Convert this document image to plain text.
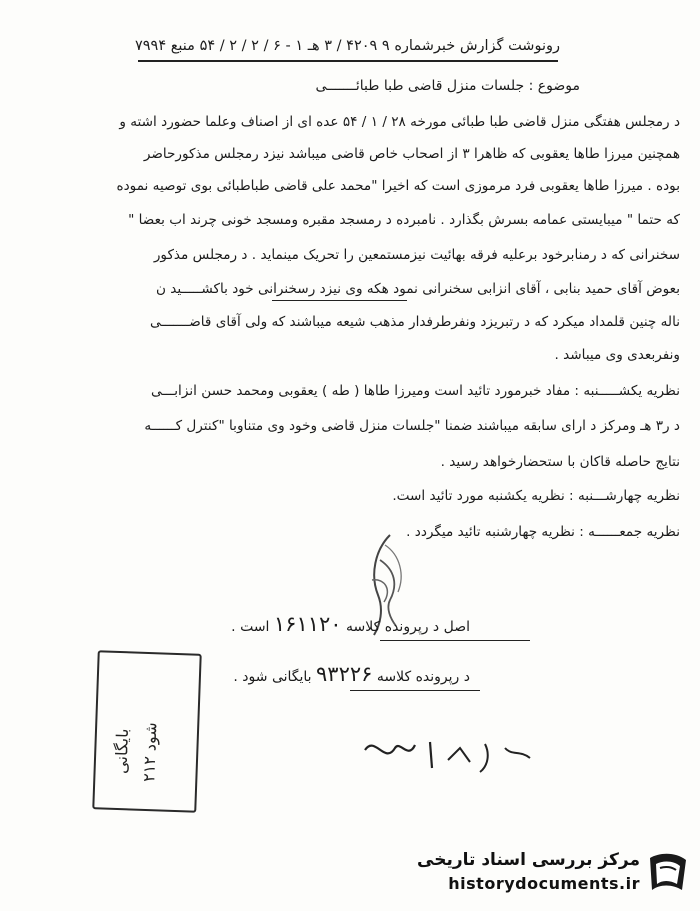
رونوشت گزارش خبرشماره ۹ ۴۲۰۹ / ۳ هـ ۱ - ۶ / ۲ / ۲ / ۵۴ منبع ۷۹۹۴
موضوع : جلسات منزل قاضی طبا طبائـــــــی
د رمجلس هفتگی منزل قاضی طبا طبائی مورخه ۲۸ / ۱ / ۵۴ عده ای از اصناف وعلما حضورد اشته و
همچنین میرزا طاها یعقوبی که ظاهرا ۳ از اصحاب خاص قاضی میباشد نیزد رمجلس مذکورحاضر
بوده . میرزا طاها یعقوبی فرد مرموزی است که اخیرا "محمد علی قاضی طباطبائی بوی توصیه نموده
که حتما " میبایستی عمامه بسرش بگذارد . نامبرده د رمسجد مقبره ومسجد خونی چرند اب بعضا "
سخنرانی که د رمنابرخود برعلیه فرقه بهائیت نیزمستمعین را تحریک مینماید . د رمجلس مذکور
بعوض آقای حمید بنابی ، آقای انزابی سخنرانی نمود هکه وی نیزد رسخنرانی خود باکشـــــید ن
ناله چنین قلمداد میکرد که د رتبریزد ونفرطرفدار مذهب شیعه میباشند که ولی آقای قاضـــــــی
ونفربعدی وی میباشد .
نظریه یکشـــــنبه : مفاد خبرمورد تائید است ومیرزا طاها ( طه ) یعقوبی ومحمد حسن انزابـــی
د ر۳ هـ ومرکز د ارای سابقه میباشند ضمنا "جلسات منزل قاضی وخود وی متناوبا "کنترل کــــــه
نتایج حاصله قاکان با ستحضارخواهد رسید .
نظریه چهارشـــنبه : نظریه یکشنبه مورد تائید است.
نظریه جمعــــــه : نظریه چهارشنبه تائید میگردد .
اصل د رپرونده کلاسه ۱۶۱۱۲۰ است .
د رپرونده کلاسه ۹۳۲۲۶ بایگانی شود .
بایگانی شود ۲۱۲
مرکز بررسی اسناد تاریخی
historydocuments.ir
